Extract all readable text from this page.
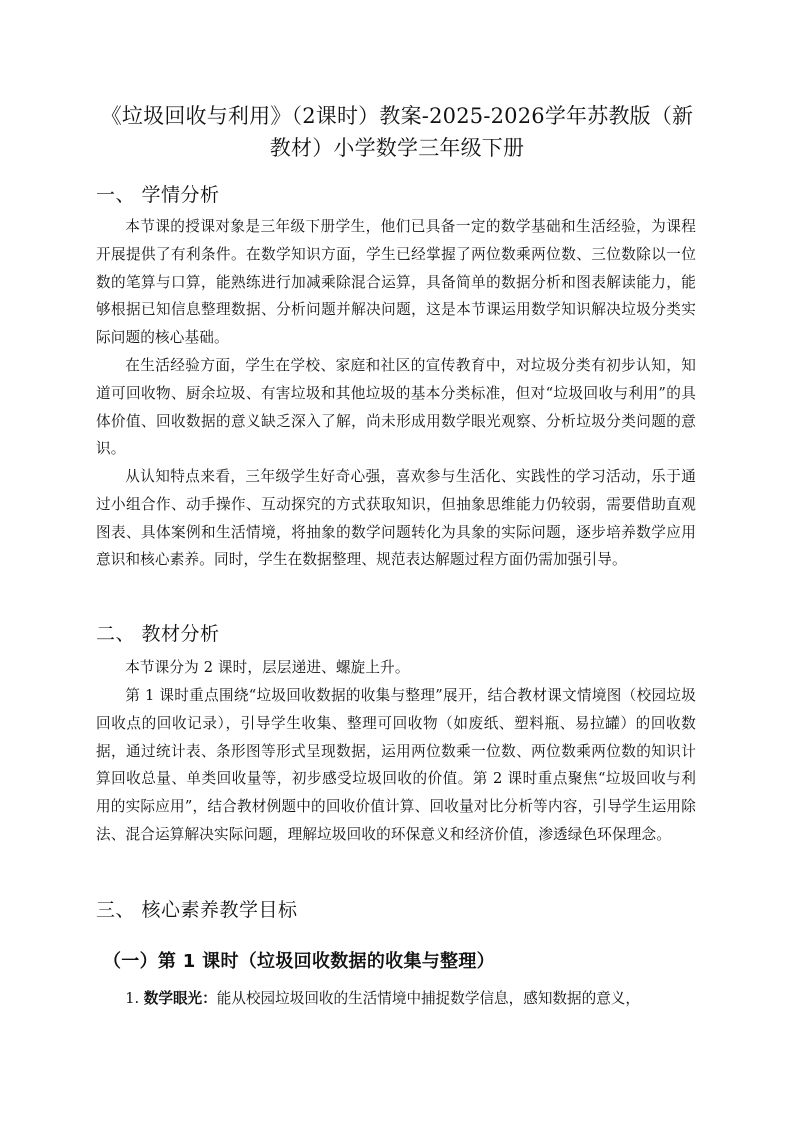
《垃圾回收与利用》（2课时）教案-2025-2026学年苏教版（新教材）小学数学三年级下册
一、 学情分析

本节课的授课对象是三年级下册学生，他们已具备一定的数学基础和生活经验，为课程开展提供了有利条件。在数学知识方面，学生已经掌握了两位数乘两位数、三位数除以一位数的笔算与口算，能熟练进行加减乘除混合运算，具备简单的数据分析和图表解读能力，能够根据已知信息整理数据、分析问题并解决问题，这是本节课运用数学知识解决垃圾分类实际问题的核心基础。

在生活经验方面，学生在学校、家庭和社区的宣传教育中，对垃圾分类有初步认知，知道可回收物、厨余垃圾、有害垃圾和其他垃圾的基本分类标准，但对“垃圾回收与利用”的具体价值、回收数据的意义缺乏深入了解，尚未形成用数学眼光观察、分析垃圾分类问题的意识。

从认知特点来看，三年级学生好奇心强，喜欢参与生活化、实践性的学习活动，乐于通过小组合作、动手操作、互动探究的方式获取知识，但抽象思维能力仍较弱，需要借助直观图表、具体案例和生活情境，将抽象的数学问题转化为具象的实际问题，逐步培养数学应用意识和核心素养。同时，学生在数据整理、规范表达解题过程方面仍需加强引导。

二、 教材分析

本节课分为 2 课时，层层递进、螺旋上升。

第 1 课时重点围绕“垃圾回收数据的收集与整理”展开，结合教材课文情境图（校园垃圾回收点的回收记录），引导学生收集、整理可回收物（如废纸、塑料瓶、易拉罐）的回收数据，通过统计表、条形图等形式呈现数据，运用两位数乘一位数、两位数乘两位数的知识计算回收总量、单类回收量等，初步感受垃圾回收的价值。第 2 课时重点聚焦“垃圾回收与利用的实际应用”，结合教材例题中的回收价值计算、回收量对比分析等内容，引导学生运用除法、混合运算解决实际问题，理解垃圾回收的环保意义和经济价值，渗透绿色环保理念。

三、 核心素养教学目标
（一）第 1 课时（垃圾回收数据的收集与整理）
1. 数学眼光：能从校园垃圾回收的生活情境中捕捉数学信息，感知数据的意义，
